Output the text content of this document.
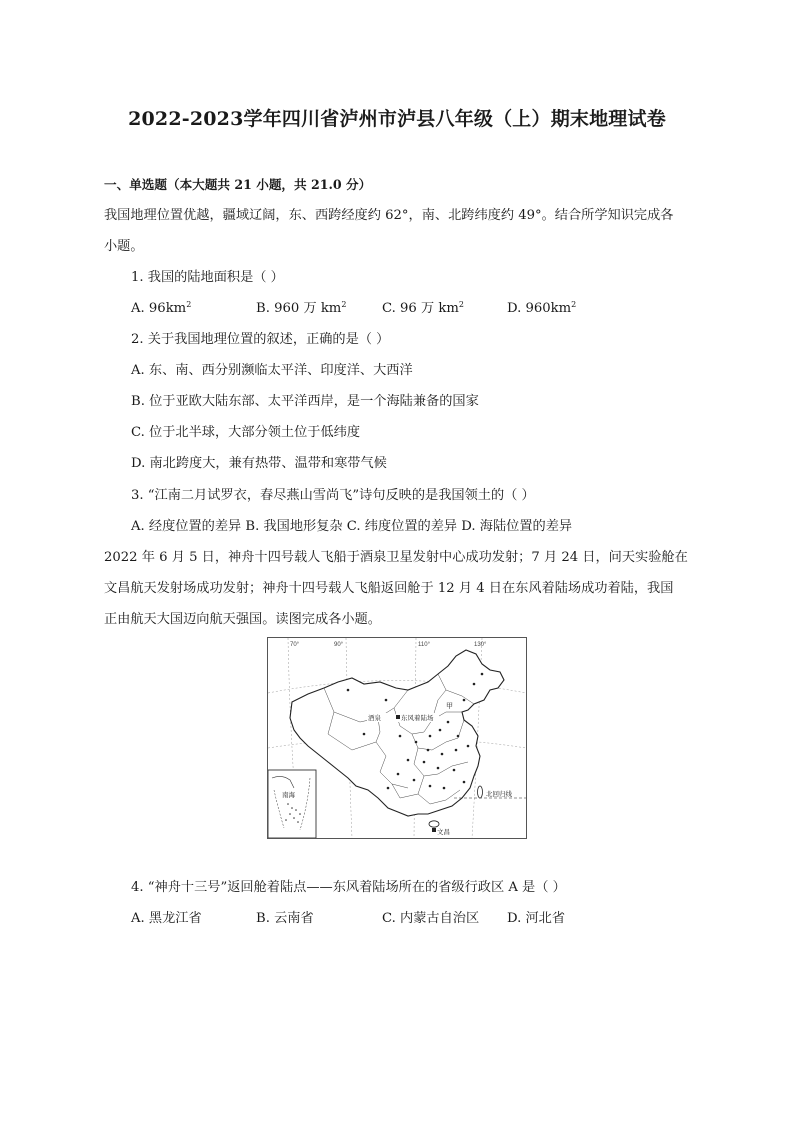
2022-2023学年四川省泸州市泸县八年级（上）期末地理试卷
一、单选题（本大题共 21 小题，共 21.0 分）
我国地理位置优越，疆域辽阔，东、西跨经度约 62°，南、北跨纬度约 49°。结合所学知识完成各
小题。
1. 我国的陆地面积是（ ）
A. $96km^2$	B. 960 万 $km^2$	C. 96 万 $km^2$	D. $960km^2$
2. 关于我国地理位置的叙述，正确的是（ ）
A. 东、南、西分别濒临太平洋、印度洋、大西洋
B. 位于亚欧大陆东部、太平洋西岸，是一个海陆兼备的国家
C. 位于北半球，大部分领土位于低纬度
D. 南北跨度大，兼有热带、温带和寒带气候
3. “江南二月试罗衣，春尽燕山雪尚飞”诗句反映的是我国领土的（ ）
A. 经度位置的差异 B. 我国地形复杂 C. 纬度位置的差异 D. 海陆位置的差异
2022 年 6 月 5 日，神舟十四号载人飞船于酒泉卫星发射中心成功发射；7 月 24 日，问天实验舱在
文昌航天发射场成功发射；神舟十四号载人飞船返回舱于 12 月 4 日在东风着陆场成功着陆，我国
正由航天大国迈向航天强国。读图完成各小题。
70°	90°	110°	130°
北回归线
酒泉	东风着陆场
甲
文昌
南海
4. “神舟十三号”返回舱着陆点——东风着陆场所在的省级行政区 A 是（ ）
A. 黑龙江省	B. 云南省	C. 内蒙古自治区 D. 河北省
